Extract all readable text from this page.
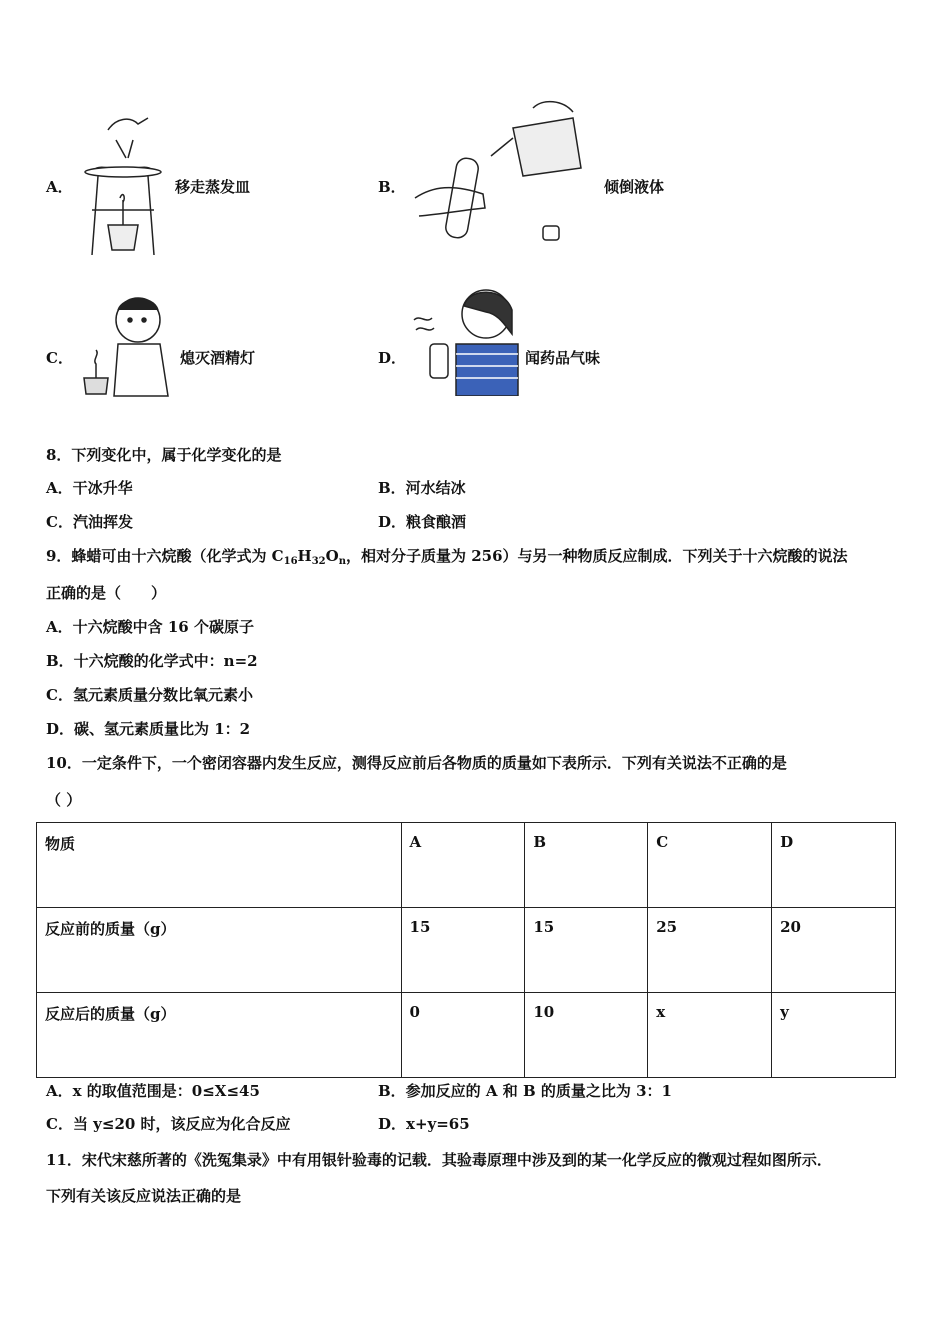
A．	移走蒸发皿	B．	倾倒液体
C．	熄灭酒精灯	D．	闻药品气味
8．下列变化中，属于化学变化的是
A．干冰升华	B．河水结冰
C．汽油挥发	D．粮食酿酒
9．蜂蜡可由十六烷酸（化学式为 $C_{16}H_{32}O_n$，相对分子质量为 256）与另一种物质反应制成．下列关于十六烷酸的说法
正确的是（　　）
A．十六烷酸中含 16 个碳原子
B．十六烷酸的化学式中：n=2
C．氢元素质量分数比氧元素小
D．碳、氢元素质量比为 1：2
10．一定条件下，一个密闭容器内发生反应，测得反应前后各物质的质量如下表所示．下列有关说法不正确的是
（ ）
物质	A	B	C	D
反应前的质量（g）	15	15	25	20
反应后的质量（g）	0	10	x	y
A．x 的取值范围是：0≤X≤45	B．参加反应的 A 和 B 的质量之比为 3：1
C．当 y≤20 时，该反应为化合反应	D．x+y=65
11．宋代宋慈所著的《洗冤集录》中有用银针验毒的记载．其验毒原理中涉及到的某一化学反应的微观过程如图所示．
下列有关该反应说法正确的是
